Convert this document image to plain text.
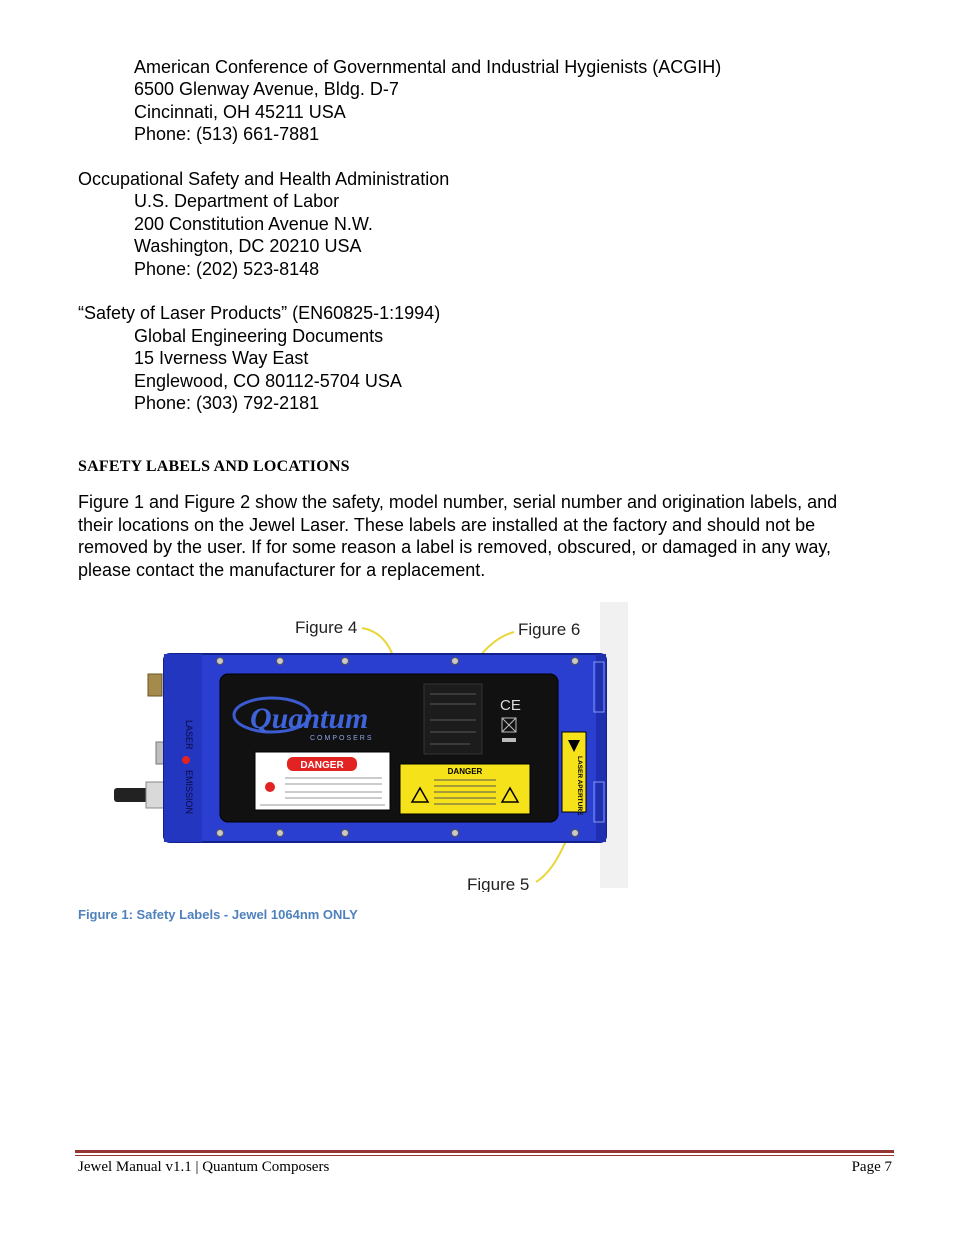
American Conference of Governmental and Industrial Hygienists (ACGIH)
6500 Glenway Avenue, Bldg. D-7
Cincinnati, OH 45211 USA
Phone: (513) 661-7881
Occupational Safety and Health Administration
U.S. Department of Labor
200 Constitution Avenue N.W.
Washington, DC 20210 USA
Phone: (202) 523-8148
“Safety of Laser Products” (EN60825-1:1994)
Global Engineering Documents
15 Iverness Way East
Englewood, CO 80112-5704 USA
Phone: (303) 792-2181
SAFETY LABELS AND LOCATIONS
Figure 1 and Figure 2 show the safety, model number, serial number and origination labels, and their locations on the Jewel Laser. These labels are installed at the factory and should not be removed by the user. If for some reason a label is removed, obscured, or damaged in any way, please contact the manufacturer for a replacement.
Figure 4	Figure 6
Figure 5
LASER
EMISSION
Quantum
COMPOSERS
CE
DANGER
DANGER	LASER APERTURE
Figure 1: Safety Labels - Jewel 1064nm ONLY
Jewel Manual v1.1 | Quantum Composers	Page 7
